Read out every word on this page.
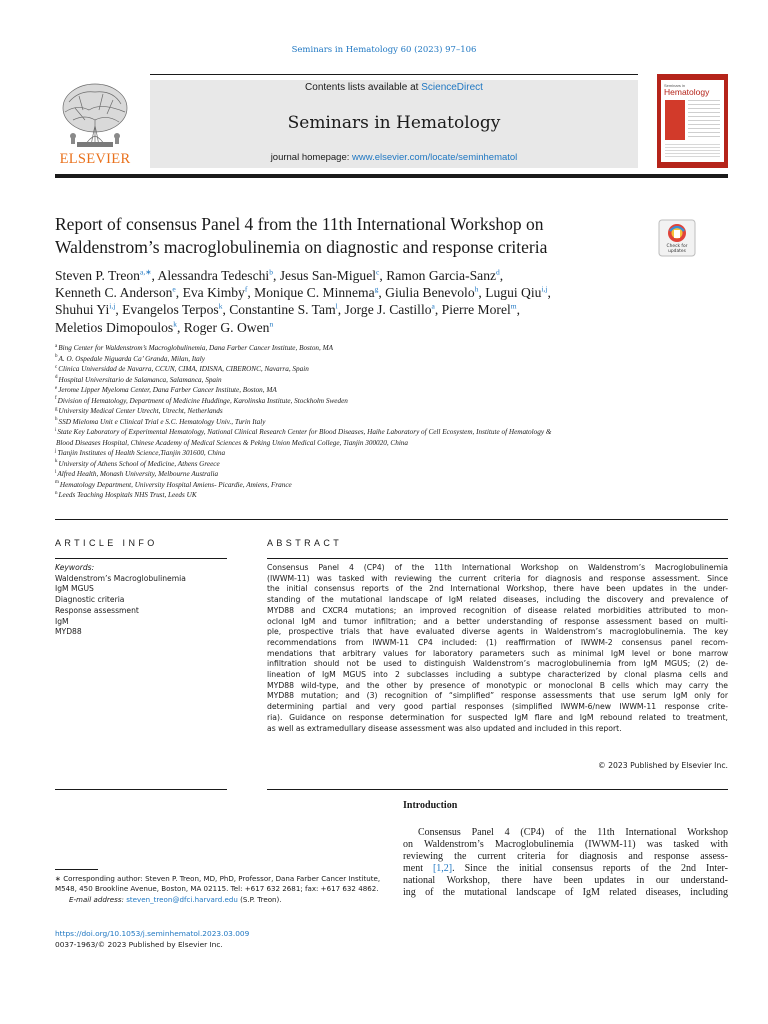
Seminars in Hematology 60 (2023) 97–106
ELSEVIER
Contents lists available at ScienceDirect
Seminars in Hematology
journal homepage: www.elsevier.com/locate/seminhematol
Seminars in
Hematology
Report of consensus Panel 4 from the 11th International Workshop on
Waldenstrom’s macroglobulinemia on diagnostic and response criteria	Check for updates
Steven P. Treon$^{a,∗}$, Alessandra Tedeschi$^b$, Jesus San-Miguel$^c$, Ramon Garcia-Sanz$^d$,
Kenneth C. Anderson$^e$, Eva Kimby$^f$, Monique C. Minnema$^g$, Giulia Benevolo$^h$, Lugui Qiu$^{i,j}$,
Shuhui Yi$^{i,j}$, Evangelos Terpos$^k$, Constantine S. Tam$^l$, Jorge J. Castillo$^a$, Pierre Morel$^m$,
Meletios Dimopoulos$^k$, Roger G. Owen$^n$
$^a$Bing Center for Waldenstrom’s Macroglobulinemia, Dana Farber Cancer Institute, Boston, MA
$^b$A. O. Ospedale Niguarda Ca’ Granda, Milan, Italy
$^c$Clinica Universidad de Navarra, CCUN, CIMA, IDISNA, CIBERONC, Navarra, Spain
$^d$Hospital Universitario de Salamanca, Salamanca, Spain
$^e$Jerome Lipper Myeloma Center, Dana Farber Cancer Institute, Boston, MA
$^f$Division of Hematology, Department of Medicine Huddinge, Karolinska Institute, Stockholm Sweden
$^g$University Medical Center Utrecht, Utrecht, Netherlands
$^h$SSD Mieloma Unit e Clinical Trial e S.C. Hematology Univ., Turin Italy
$^i$State Key Laboratory of Experimental Hematology, National Clinical Research Center for Blood Diseases, Haihe Laboratory of Cell Ecosystem, Institute of Hematology &
Blood Diseases Hospital, Chinese Academy of Medical Sciences & Peking Union Medical College, Tianjin 300020, China
$^j$Tianjin Institutes of Health Science,Tianjin 301600, China
$^k$University of Athens School of Medicine, Athens Greece
$^l$Alfred Health, Monash University, Melbourne Australia
$^m$Hematology Department, University Hospital Amiens- Picardie, Amiens, France
$^n$Leeds Teaching Hospitals NHS Trust, Leeds UK
ARTICLE INFO
Keywords:
Waldenstrom’s Macroglobulinemia
IgM MGUS
Diagnostic criteria
Response assessment
IgM
MYD88
ABSTRACT
Consensus Panel 4 (CP4) of the 11th International Workshop on Waldenstrom’s Macroglobulinemia
(IWWM-11) was tasked with reviewing the current criteria for diagnosis and response assessment. Since
the initial consensus reports of the 2nd International Workshop, there have been updates in the under-
standing of the mutational landscape of IgM related diseases, including the discovery and prevalence of
MYD88 and CXCR4 mutations; an improved recognition of disease related morbidities attributed to mon-
oclonal IgM and tumor infiltration; and a better understanding of response assessment based on multi-
ple, prospective trials that have evaluated diverse agents in Waldenstrom’s macroglobulinemia. The key
recommendations from IWWM-11 CP4 included: (1) reaffirmation of IWWM-2 consensus panel recom-
mendations that arbitrary values for laboratory parameters such as minimal IgM level or bone marrow
infiltration should not be used to distinguish Waldenstrom’s macroglobulinemia from IgM MGUS; (2) de-
lineation of IgM MGUS into 2 subclasses including a subtype characterized by clonal plasma cells and
MYD88 wild-type, and the other by presence of monotypic or monoclonal B cells which may carry the
MYD88 mutation; and (3) recognition of “simplified” response assessments that use serum IgM only for
determining partial and very good partial responses (simplified IWWM-6/new IWWM-11 response crite-
ria). Guidance on response determination for suspected IgM flare and IgM rebound related to treatment,
as well as extramedullary disease assessment was also updated and included in this report.
© 2023 Published by Elsevier Inc.
Introduction
Consensus Panel 4 (CP4) of the 11th International Workshop
on Waldenstrom’s Macroglobulinemia (IWWM-11) was tasked with
reviewing the current criteria for diagnosis and response assess-
ment [1,2]. Since the initial consensus reports of the 2nd Inter-
national Workshop, there have been updates in our understand-
ing of the mutational landscape of IgM related diseases, including
∗ Corresponding author: Steven P. Treon, MD, PhD, Professor, Dana Farber Cancer Institute, M548, 450 Brookline Avenue, Boston, MA 02115. Tel: +617 632 2681; fax: +617 632 4862.
E-mail address: steven_treon@dfci.harvard.edu (S.P. Treon).
https://doi.org/10.1053/j.seminhematol.2023.03.009
0037-1963/© 2023 Published by Elsevier Inc.
